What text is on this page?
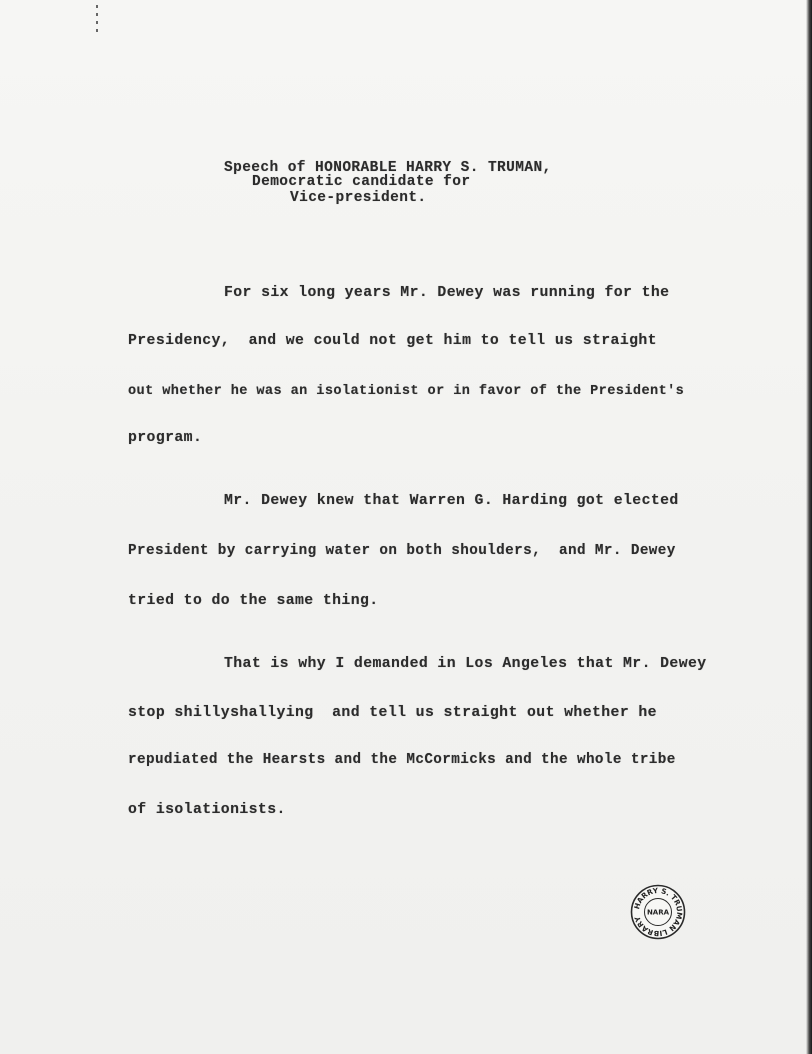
Speech of HONORABLE HARRY S. TRUMAN,
Democratic candidate for
Vice-president.
For six long years Mr. Dewey was running for the
Presidency,  and we could not get him to tell us straight
out whether he was an isolationist or in favor of the President's
program.
Mr. Dewey knew that Warren G. Harding got elected
President by carrying water on both shoulders,  and Mr. Dewey
tried to do the same thing.
That is why I demanded in Los Angeles that Mr. Dewey
stop shillyshallying  and tell us straight out whether he
repudiated the Hearsts and the McCormicks and the whole tribe
of isolationists.
HARRY S. TRUMAN LIBRARY
NARA
